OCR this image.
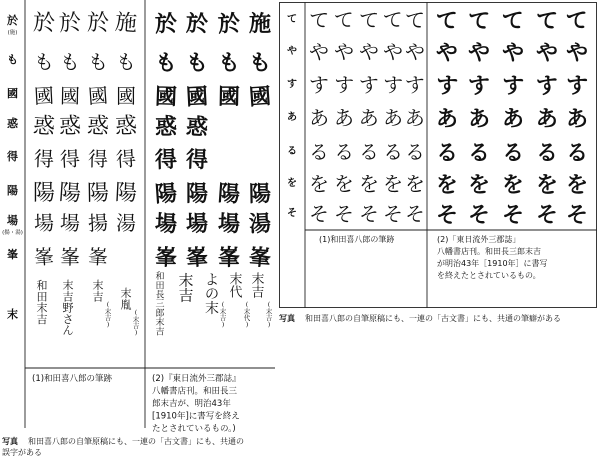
於
(施)
も
國
惑
得
陽
場
(揚・湯)
峯
末
於 於 於 施
も も も も
國 國 國 國
惑 惑 惑 惑
得 得 得 得
陽 陽 陽 陽
場 場 揚 湯
峯 峯 峯
於 於 於 施
も も も も
國 國 國 國
惑 惑
得 得
陽 陽 陽 陽
場 場 場 湯
峯 峯 峯 峯
和
田
末
吉
末
吉
野
さ
ん
末
吉
(
末
吉
)
末
胤
(
末
吉
)
和
田
長
三
郎
末
吉
末
吉
よ
の
末 (
末
吉
)
末
代
(
末
代
)
末
吉
(
末
吉
)
(1)和田喜八郎の筆跡	(2)『東日流外三郡誌』
八幡書店刊。和田長三
郎末吉が、明治43年
[1910年]に書写を終え
たとされているもの。)
写真 和田喜八郎の自筆原稿にも、一連の「古文書」にも、共通の
誤字がある
て
や
す
あ
る
を
そ
て て て て て
や や や や や
す す す す す
あ あ あ あ あ
る る る る る
を を を を を
そ そ そ そ そ
て て て て て
や や や や や
す す す す す
あ あ あ あ あ
る る る る る
を を を を を
そ そ そ そ そ
(1)和田喜八郎の筆跡	(2)「東日流外三郡誌」
八幡書店刊。和田長三郎末吉
が明治43年［1910年］に書写
を終えたとされているもの。
写真 和田喜八郎の自筆原稿にも、一連の「古文書」にも、共通の筆癖がある
